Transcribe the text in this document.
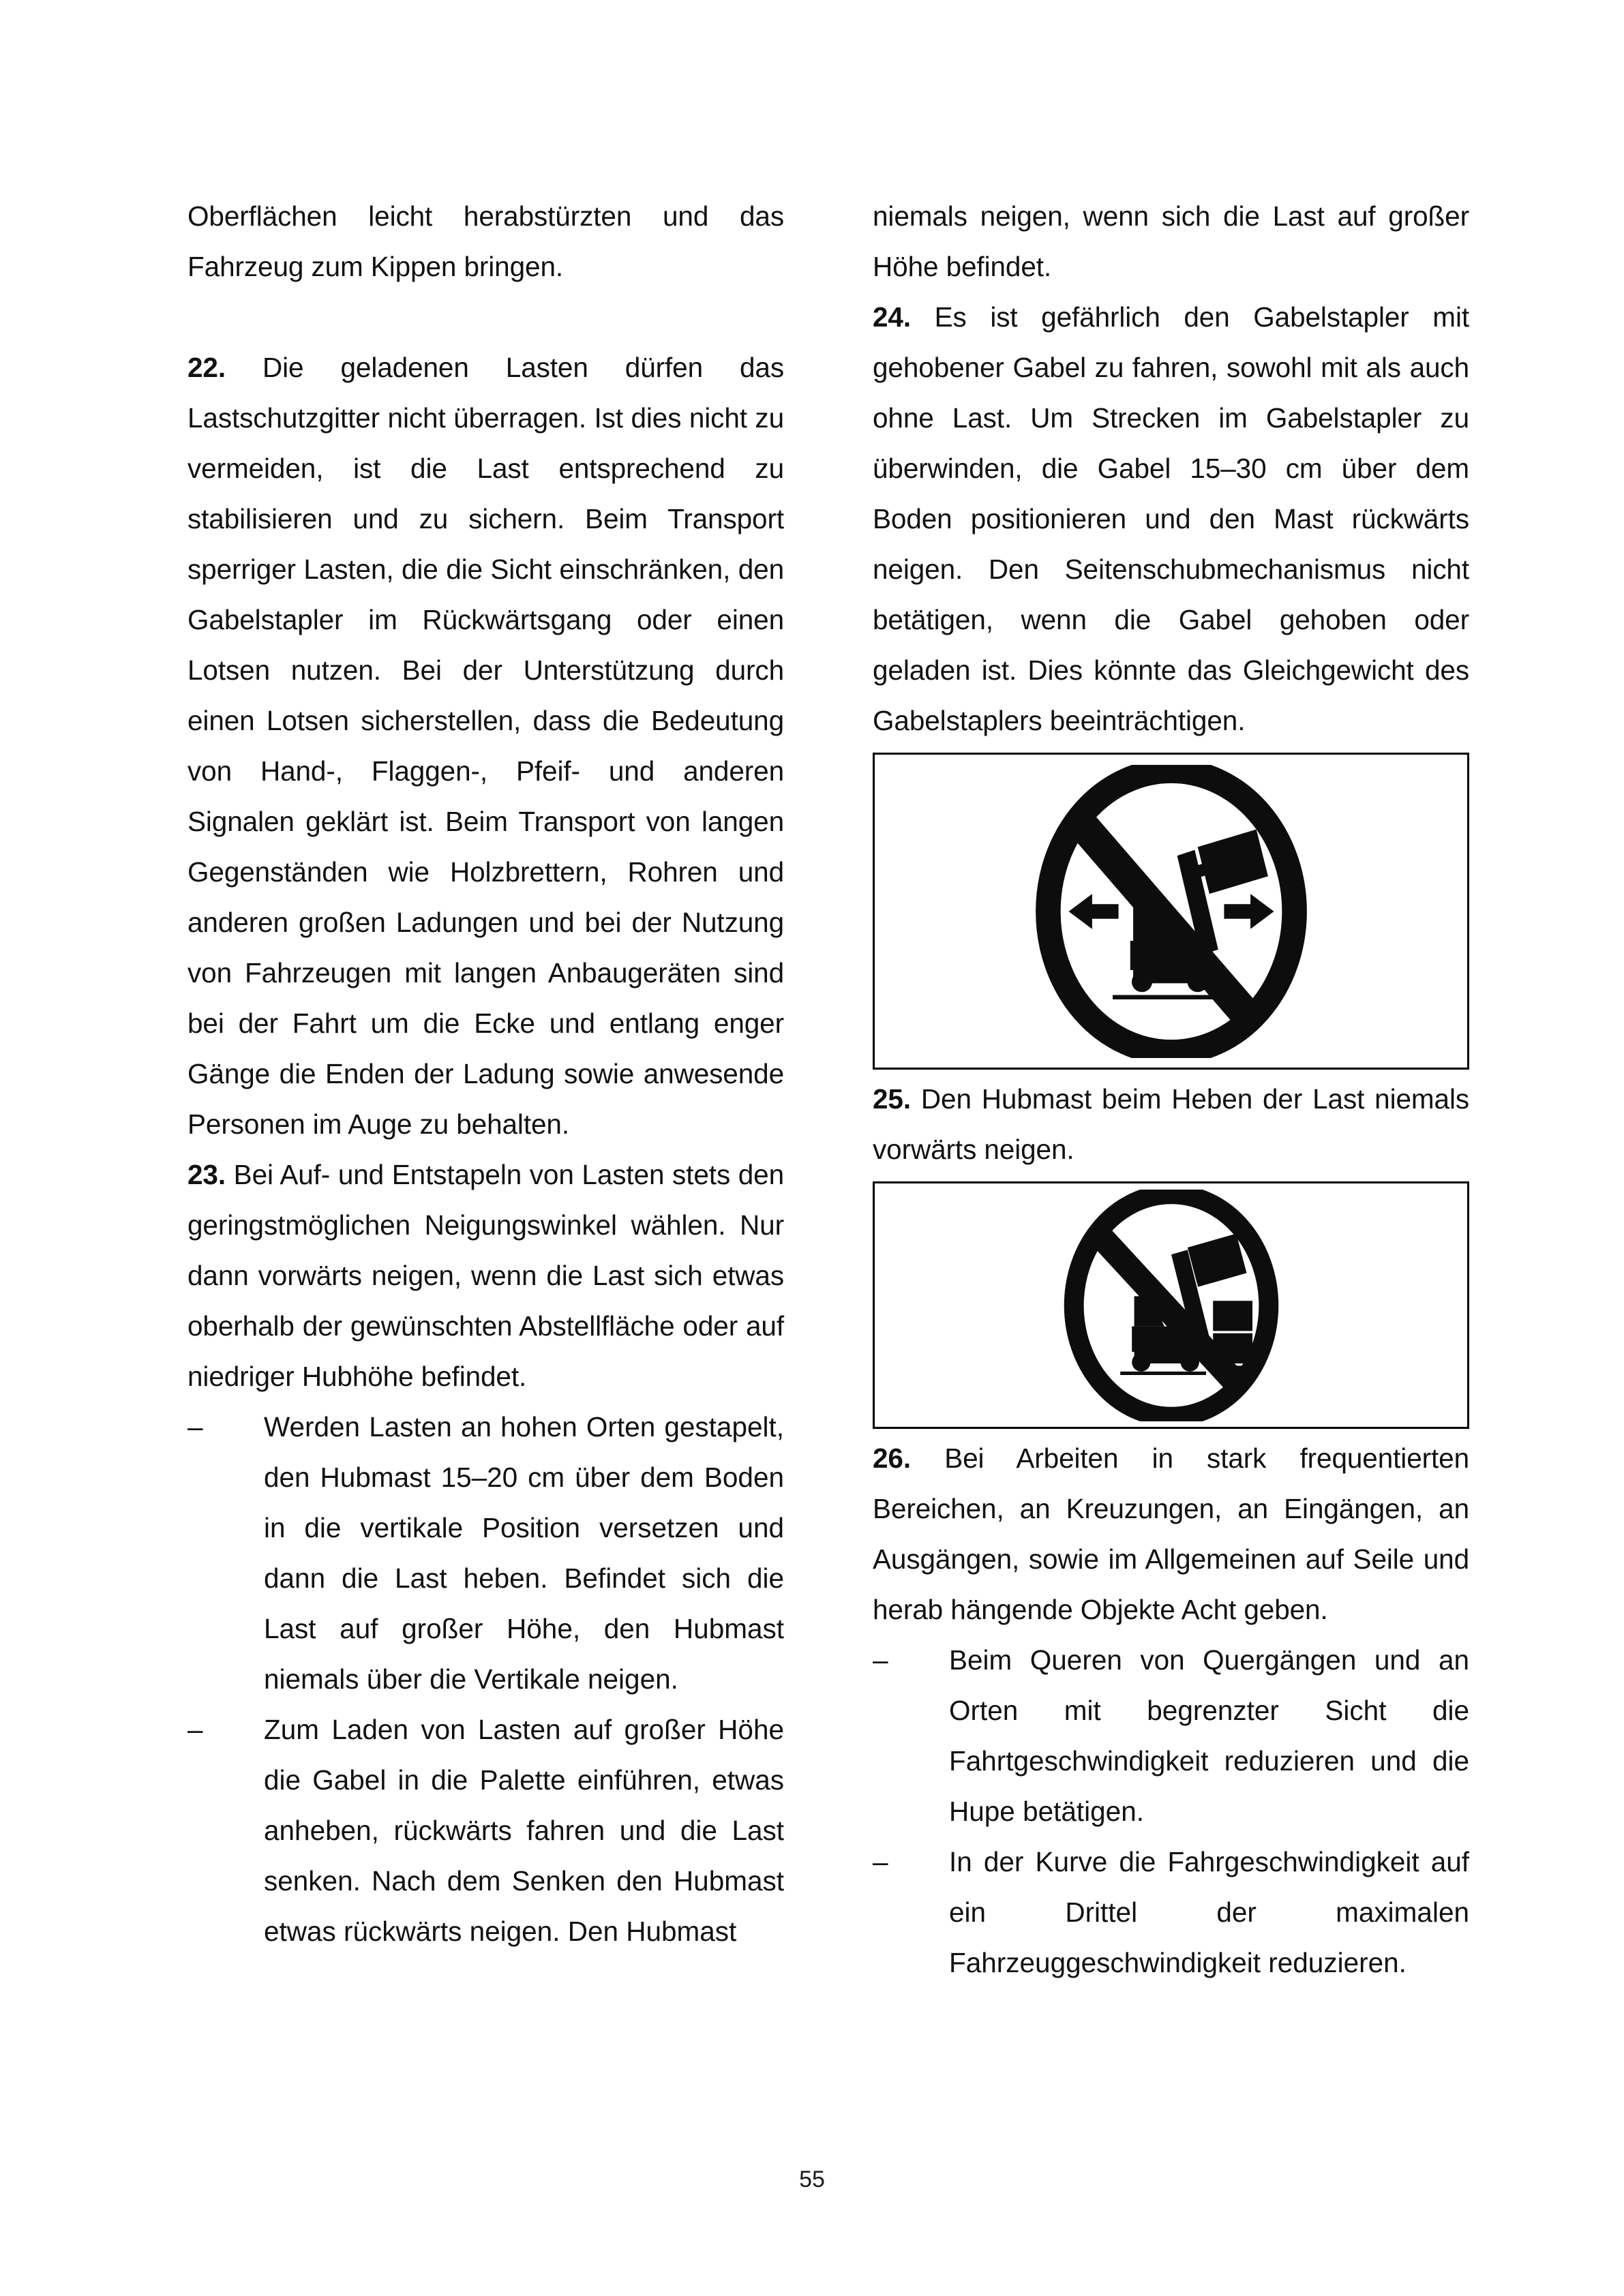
Oberflächen leicht herabstürzten und das Fahrzeug zum Kippen bringen.

22. Die geladenen Lasten dürfen das Lastschutzgitter nicht überragen. Ist dies nicht zu vermeiden, ist die Last entsprechend zu stabilisieren und zu sichern. Beim Transport sperriger Lasten, die die Sicht einschränken, den Gabelstapler im Rückwärtsgang oder einen Lotsen nutzen. Bei der Unterstützung durch einen Lotsen sicherstellen, dass die Bedeutung von Hand-, Flaggen-, Pfeif- und anderen Signalen geklärt ist. Beim Transport von langen Gegenständen wie Holzbrettern, Rohren und anderen großen Ladungen und bei der Nutzung von Fahrzeugen mit langen Anbaugeräten sind bei der Fahrt um die Ecke und entlang enger Gänge die Enden der Ladung sowie anwesende Personen im Auge zu behalten.

23. Bei Auf- und Entstapeln von Lasten stets den geringstmöglichen Neigungswinkel wählen. Nur dann vorwärts neigen, wenn die Last sich etwas oberhalb der gewünschten Abstellfläche oder auf niedriger Hubhöhe befindet.

–	Werden Lasten an hohen Orten gestapelt, den Hubmast 15–20 cm über dem Boden in die vertikale Position versetzen und dann die Last heben. Befindet sich die Last auf großer Höhe, den Hubmast niemals über die Vertikale neigen.
–	Zum Laden von Lasten auf großer Höhe die Gabel in die Palette einführen, etwas anheben, rückwärts fahren und die Last senken. Nach dem Senken den Hubmast etwas rückwärts neigen. Den Hubmast

niemals neigen, wenn sich die Last auf großer Höhe befindet.

24. Es ist gefährlich den Gabelstapler mit gehobener Gabel zu fahren, sowohl mit als auch ohne Last. Um Strecken im Gabelstapler zu überwinden, die Gabel 15–30 cm über dem Boden positionieren und den Mast rückwärts neigen. Den Seitenschubmechanismus nicht betätigen, wenn die Gabel gehoben oder geladen ist. Dies könnte das Gleichgewicht des Gabelstaplers beeinträchtigen.

25. Den Hubmast beim Heben der Last niemals vorwärts neigen.

26. Bei Arbeiten in stark frequentierten Bereichen, an Kreuzungen, an Eingängen, an Ausgängen, sowie im Allgemeinen auf Seile und herab hängende Objekte Acht geben.

–	Beim Queren von Quergängen und an Orten mit begrenzter Sicht die Fahrtgeschwindigkeit reduzieren und die Hupe betätigen.
–	In der Kurve die Fahrgeschwindigkeit auf ein Drittel der maximalen Fahrzeuggeschwindigkeit reduzieren.
55
